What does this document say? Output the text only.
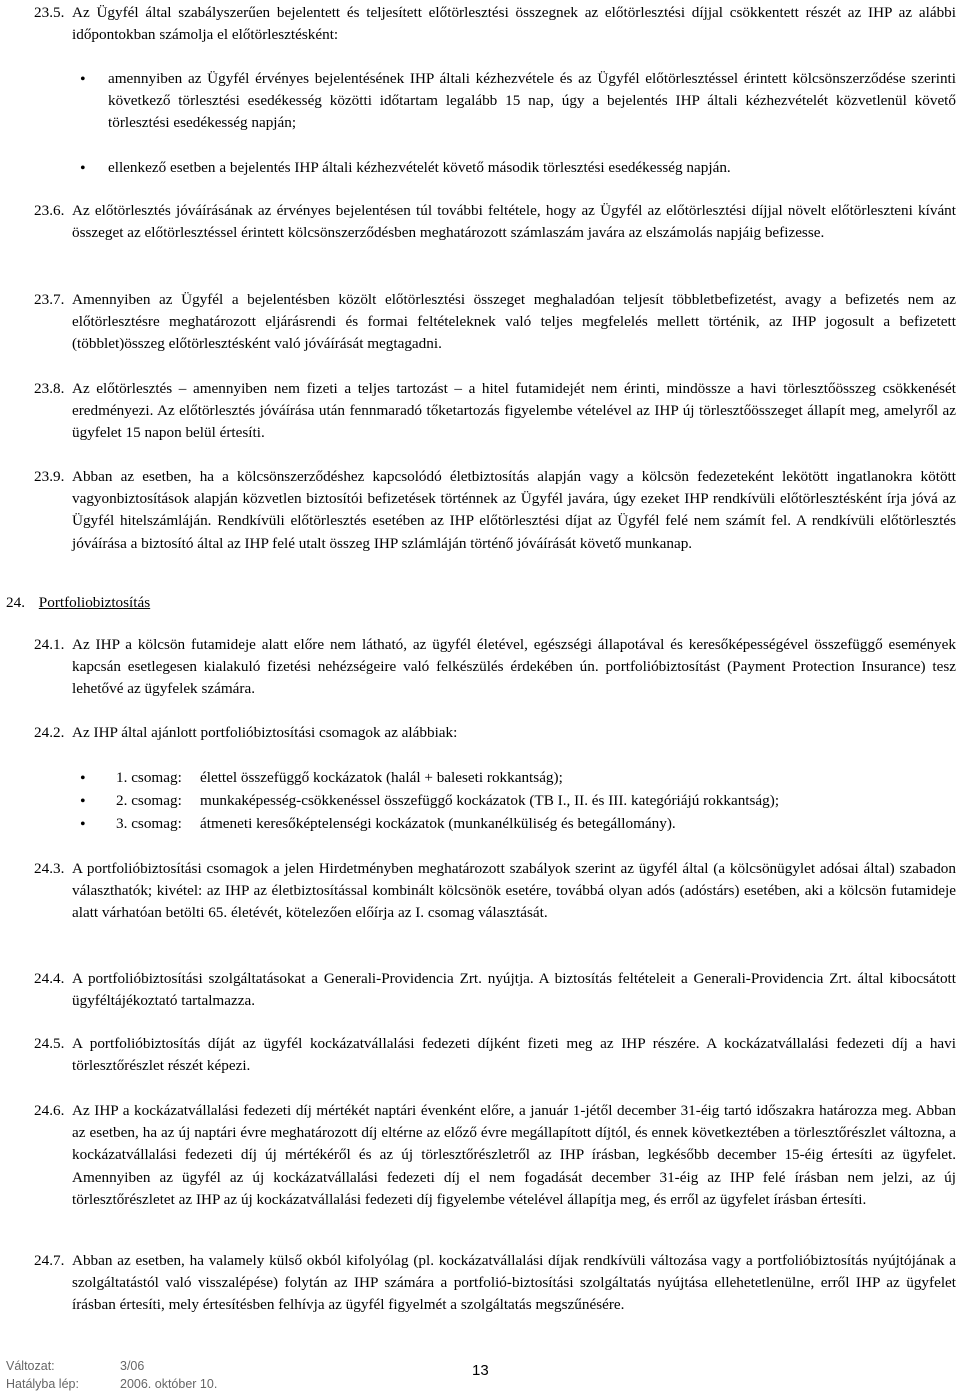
23.5. Az Ügyfél által szabályszerűen bejelentett és teljesített előtörlesztési összegnek az előtörlesztési díjjal csökkentett részét az IHP az alábbi időpontokban számolja el előtörlesztésként:
• amennyiben az Ügyfél érvényes bejelentésének IHP általi kézhezvétele és az Ügyfél előtörlesztéssel érintett kölcsönszerződése szerinti következő törlesztési esedékesség közötti időtartam legalább 15 nap, úgy a bejelentés IHP általi kézhezvételét közvetlenül követő törlesztési esedékesség napján;
• ellenkező esetben a bejelentés IHP általi kézhezvételét követő második törlesztési esedékesség napján.
23.6. Az előtörlesztés jóváírásának az érvényes bejelentésen túl további feltétele, hogy az Ügyfél az előtörlesztési díjjal növelt előtörleszteni kívánt összeget az előtörlesztéssel érintett kölcsönszerződésben meghatározott számlaszám javára az elszámolás napjáig befizesse.
23.7. Amennyiben az Ügyfél a bejelentésben közölt előtörlesztési összeget meghaladóan teljesít többletbefizetést, avagy a befizetés nem az előtörlesztésre meghatározott eljárásrendi és formai feltételeknek való teljes megfelelés mellett történik, az IHP jogosult a befizetett (többlet)összeg előtörlesztésként való jóváírását megtagadni.
23.8. Az előtörlesztés – amennyiben nem fizeti a teljes tartozást – a hitel futamidejét nem érinti, mindössze a havi törlesztőösszeg csökkenését eredményezi. Az előtörlesztés jóváírása után fennmaradó tőketartozás figyelembe vételével az IHP új törlesztőösszeget állapít meg, amelyről az ügyfelet 15 napon belül értesíti.
23.9. Abban az esetben, ha a kölcsönszerződéshez kapcsolódó életbiztosítás alapján vagy a kölcsön fedezeteként lekötött ingatlanokra kötött vagyonbiztosítások alapján közvetlen biztosítói befizetések történnek az Ügyfél javára, úgy ezeket IHP rendkívüli előtörlesztésként írja jóvá az Ügyfél hitelszámláján. Rendkívüli előtörlesztés esetében az IHP előtörlesztési díjat az Ügyfél felé nem számít fel. A rendkívüli előtörlesztés jóváírása a biztosító által az IHP felé utalt összeg IHP szlámláján történő jóváírását követő munkanap.
24. Portfoliobiztosítás
24.1. Az IHP a kölcsön futamideje alatt előre nem látható, az ügyfél életével, egészségi állapotával és keresőképességével összefüggő események kapcsán esetlegesen kialakuló fizetési nehézségeire való felkészülés érdekében ún. portfolióbiztosítást (Payment Protection Insurance) tesz lehetővé az ügyfelek számára.
24.2. Az IHP által ajánlott portfolióbiztosítási csomagok az alábbiak:
• 1. csomag: élettel összefüggő kockázatok (halál + baleseti rokkantság);
• 2. csomag: munkaképesség-csökkenéssel összefüggő kockázatok (TB I., II. és III. kategóriájú rokkantság);
• 3. csomag: átmeneti keresőképtelenségi kockázatok (munkanélküliség és betegállomány).
24.3. A portfolióbiztosítási csomagok a jelen Hirdetményben meghatározott szabályok szerint az ügyfél által (a kölcsönügylet adósai által) szabadon választhatók; kivétel: az IHP az életbiztosítással kombinált kölcsönök esetére, továbbá olyan adós (adóstárs) esetében, aki a kölcsön futamideje alatt várhatóan betölti 65. életévét, kötelezően előírja az I. csomag választását.
24.4. A portfolióbiztosítási szolgáltatásokat a Generali-Providencia Zrt. nyújtja. A biztosítás feltételeit a Generali-Providencia Zrt. által kibocsátott ügyféltájékoztató tartalmazza.
24.5. A portfolióbiztosítás díját az ügyfél kockázatvállalási fedezeti díjként fizeti meg az IHP részére. A kockázatvállalási fedezeti díj a havi törlesztőrészlet részét képezi.
24.6. Az IHP a kockázatvállalási fedezeti díj mértékét naptári évenként előre, a január 1-jétől december 31-éig tartó időszakra határozza meg. Abban az esetben, ha az új naptári évre meghatározott díj eltérne az előző évre megállapított díjtól, és ennek következtében a törlesztőrészlet változna, a kockázatvállalási fedezeti díj új mértékéről és az új törlesztőrészletről az IHP írásban, legkésőbb december 15-éig értesíti az ügyfelet. Amennyiben az ügyfél az új kockázatvállalási fedezeti díj el nem fogadását december 31-éig az IHP felé írásban nem jelzi, az új törlesztőrészletet az IHP az új kockázatvállalási fedezeti díj figyelembe vételével állapítja meg, és erről az ügyfelet írásban értesíti.
24.7. Abban az esetben, ha valamely külső okból kifolyólag (pl. kockázatvállalási díjak rendkívüli változása vagy a portfolióbiztosítás nyújtójának a szolgáltatástól való visszalépése) folytán az IHP számára a portfolió-biztosítási szolgáltatás nyújtása ellehetetlenülne, erről IHP az ügyfelet írásban értesíti, mely értesítésben felhívja az ügyfél figyelmét a szolgáltatás megszűnésére.
Változat:	3/06
Hatályba lép:	2006. október 10.
13
